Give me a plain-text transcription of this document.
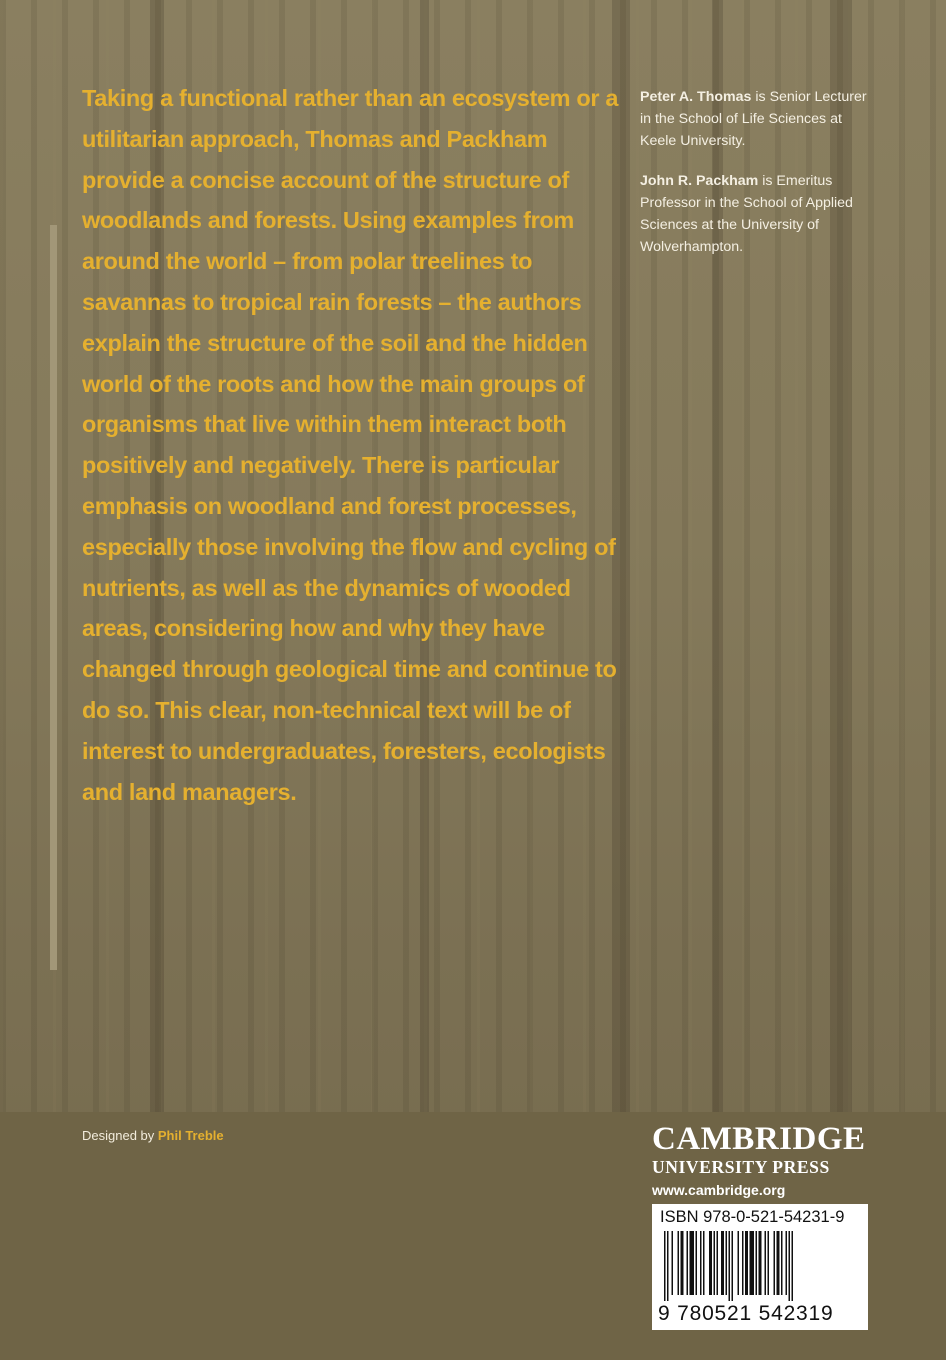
Taking a functional rather than an ecosystem or a utilitarian approach, Thomas and Packham provide a concise account of the structure of woodlands and forests. Using examples from around the world – from polar treelines to savannas to tropical rain forests – the authors explain the structure of the soil and the hidden world of the roots and how the main groups of organisms that live within them interact both positively and negatively. There is particular emphasis on woodland and forest processes, especially those involving the flow and cycling of nutrients, as well as the dynamics of wooded areas, considering how and why they have changed through geological time and continue to do so. This clear, non-technical text will be of interest to undergraduates, foresters, ecologists and land managers.

Peter A. Thomas is Senior Lecturer in the School of Life Sciences at Keele University.

John R. Packham is Emeritus Professor in the School of Applied Sciences at the University of Wolverhampton.

Designed by Phil Treble	CAMBRIDGE
UNIVERSITY PRESS
www.cambridge.org
ISBN 978-0-521-54231-9
9 780521 542319
